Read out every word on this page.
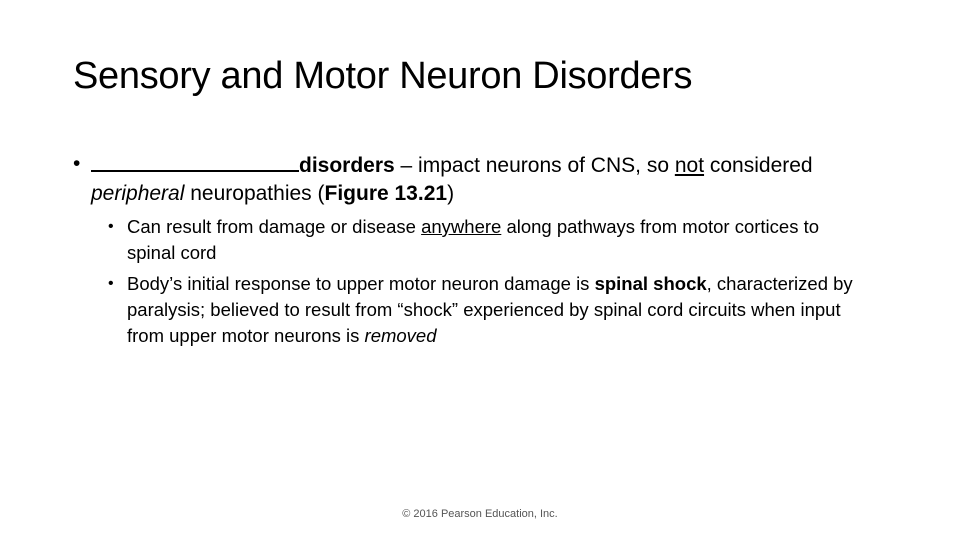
Sensory and Motor Neuron Disorders
•	disorders – impact neurons of CNS, so not considered peripheral neuropathies (Figure 13.21)
• Can result from damage or disease anywhere along pathways from motor cortices to spinal cord
• Body’s initial response to upper motor neuron damage is spinal shock, characterized by paralysis; believed to result from “shock” experienced by spinal cord circuits when input from upper motor neurons is removed
© 2016 Pearson Education, Inc.
